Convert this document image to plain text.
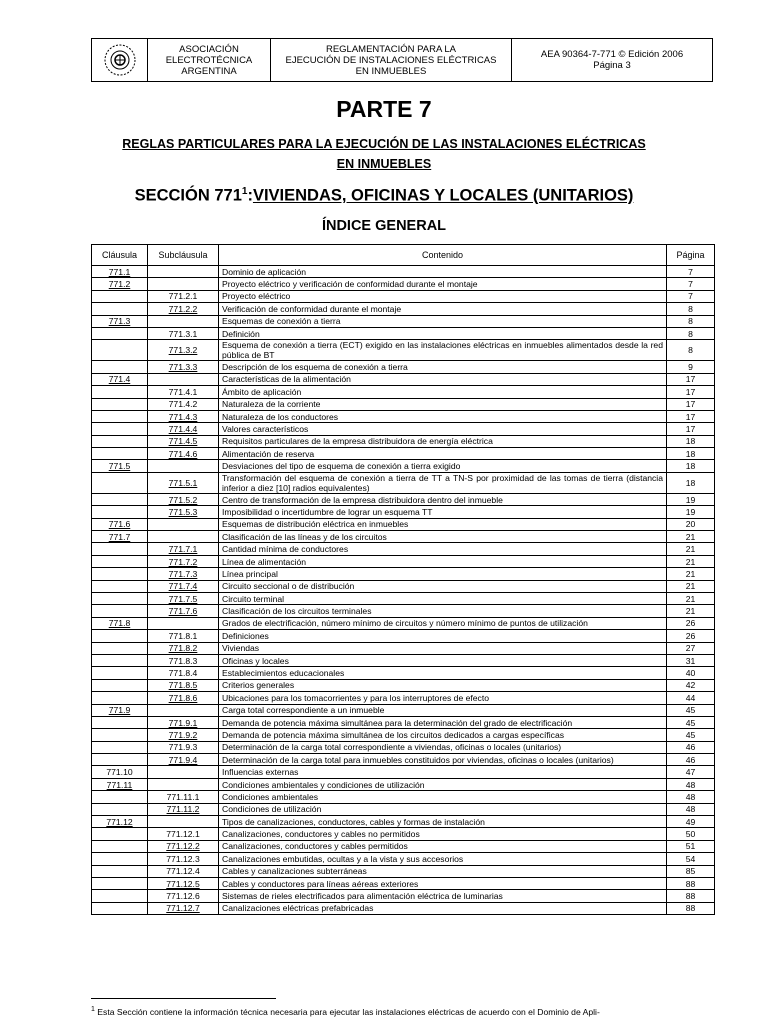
ASOCIACIÓN
ELECTROTÉCNICA
ARGENTINA
REGLAMENTACIÓN PARA LA
EJECUCIÓN DE INSTALACIONES ELÉCTRICAS
EN INMUEBLES
AEA 90364-7-771 © Edición 2006
Página 3
PARTE 7
REGLAS PARTICULARES PARA LA EJECUCIÓN DE LAS INSTALACIONES ELÉCTRICAS
EN INMUEBLES
SECCIÓN $771^1:VIVIENDAS$, OFICINAS Y LOCALES (UNITARIOS)
ÍNDICE GENERAL
Cláusula	Subcláusula	Contenido	Página
771.1		Dominio de aplicación	7
771.2		Proyecto eléctrico y verificación de conformidad durante el montaje	7
	771.2.1	Proyecto eléctrico	7
	771.2.2	Verificación de conformidad durante el montaje	8
771.3		Esquemas de conexión a tierra	8
	771.3.1	Definición	8
	771.3.2	Esquema de conexión a tierra (ECT) exigido en las instalaciones eléctricas en inmuebles alimentados desde la red pública de BT	8
	771.3.3	Descripción de los esquema de conexión a tierra	9
771.4		Características de la alimentación	17
	771.4.1	Ámbito de aplicación	17
	771.4.2	Naturaleza de la corriente	17
	771.4.3	Naturaleza de los conductores	17
	771.4.4	Valores característicos	17
	771.4.5	Requisitos particulares de la empresa distribuidora de energía eléctrica	18
	771.4.6	Alimentación de reserva	18
771.5		Desviaciones del tipo de esquema de conexión a tierra exigido	18
	771.5.1	Transformación del esquema de conexión a tierra de TT a TN-S por proximidad de las tomas de tierra (distancia inferior a diez [10] radios equivalentes)	18
	771.5.2	Centro de transformación de la empresa distribuidora dentro del inmueble	19
	771.5.3	Imposibilidad o incertidumbre de lograr un esquema TT	19
771.6		Esquemas de distribución eléctrica en inmuebles	20
771.7		Clasificación de las líneas y de los circuitos	21
	771.7.1	Cantidad mínima de conductores	21
	771.7.2	Línea de alimentación	21
	771.7.3	Línea principal	21
	771.7.4	Circuito seccional o de distribución	21
	771.7.5	Circuito terminal	21
	771.7.6	Clasificación de los circuitos terminales	21
771.8		Grados de electrificación, número mínimo de circuitos y número mínimo de puntos de utilización	26
	771.8.1	Definiciones	26
	771.8.2	Viviendas	27
	771.8.3	Oficinas y locales	31
	771.8.4	Establecimientos educacionales	40
	771.8.5	Criterios generales	42
	771.8.6	Ubicaciones para los tomacorrientes y para los interruptores de efecto	44
771.9		Carga total correspondiente a un inmueble	45
	771.9.1	Demanda de potencia máxima simultánea para la determinación del grado de electrificación	45
	771.9.2	Demanda de potencia máxima simultánea de los circuitos dedicados a cargas específicas	45
	771.9.3	Determinación de la carga total correspondiente a viviendas, oficinas o locales (unitarios)	46
	771.9.4	Determinación de la carga total para inmuebles constituidos por viviendas, oficinas o locales (unitarios)	46
771.10		Influencias externas	47
771.11		Condiciones ambientales y condiciones de utilización	48
	771.11.1	Condiciones ambientales	48
	771.11.2	Condiciones de utilización	48
771.12		Tipos de canalizaciones, conductores, cables y formas de instalación	49
	771.12.1	Canalizaciones, conductores y cables no permitidos	50
	771.12.2	Canalizaciones, conductores y cables permitidos	51
	771.12.3	Canalizaciones embutidas, ocultas y a la vista y sus accesorios	54
	771.12.4	Cables y canalizaciones subterráneas	85
	771.12.5	Cables y conductores para líneas aéreas exteriores	88
	771.12.6	Sistemas de rieles electrificados para alimentación eléctrica de luminarias	88
	771.12.7	Canalizaciones eléctricas prefabricadas	88
$^1$ Esta Sección contiene la información técnica necesaria para ejecutar las instalaciones eléctricas de acuerdo con el Dominio de Apli-
